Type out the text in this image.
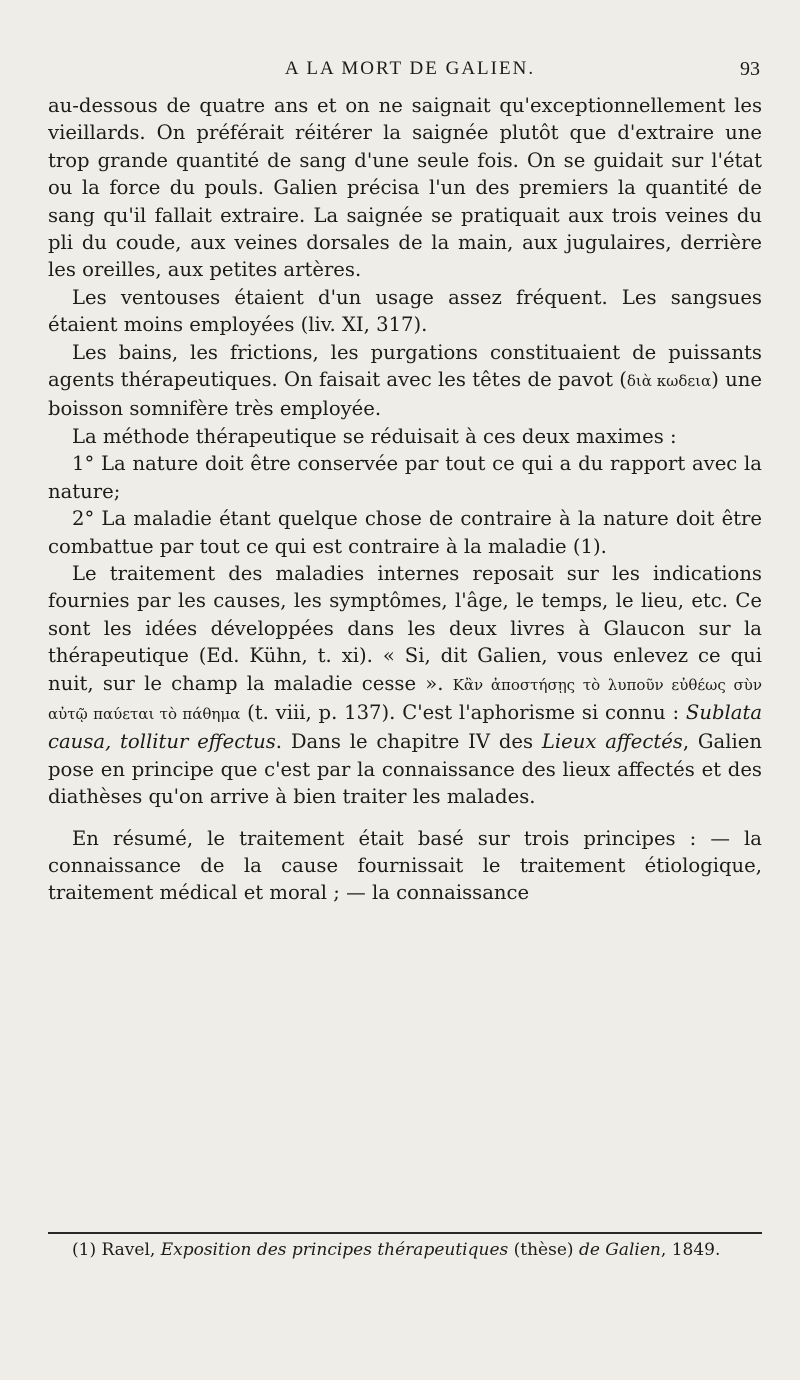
A LA MORT DE GALIEN.	93

au-dessous de quatre ans et on ne saignait qu'exceptionnellement les vieillards. On préférait réitérer la saignée plutôt que d'extraire une trop grande quantité de sang d'une seule fois. On se guidait sur l'état ou la force du pouls. Galien précisa l'un des premiers la quantité de sang qu'il fallait extraire. La saignée se pratiquait aux trois veines du pli du coude, aux veines dorsales de la main, aux jugulaires, derrière les oreilles, aux petites artères.

Les ventouses étaient d'un usage assez fréquent. Les sangsues étaient moins employées (liv. XI, 317).

Les bains, les frictions, les purgations constituaient de puissants agents thérapeutiques. On faisait avec les têtes de pavot (διὰ κωδεια) une boisson somnifère très employée.

La méthode thérapeutique se réduisait à ces deux maximes :

1° La nature doit être conservée par tout ce qui a du rapport avec la nature;

2° La maladie étant quelque chose de contraire à la nature doit être combattue par tout ce qui est contraire à la maladie (1).

Le traitement des maladies internes reposait sur les indications fournies par les causes, les symptômes, l'âge, le temps, le lieu, etc. Ce sont les idées développées dans les deux livres à Glaucon sur la thérapeutique (Ed. Kühn, t. xi). « Si, dit Galien, vous enlevez ce qui nuit, sur le champ la maladie cesse ». Κἂν ἀποστήσῃς τὸ λυποῦν εὐθέως σὺν αὐτῷ παύεται τὸ πάθημα (t. viii, p. 137). C'est l'aphorisme si connu : Sublata causa, tollitur effectus. Dans le chapitre IV des Lieux affectés, Galien pose en principe que c'est par la connaissance des lieux affectés et des diathèses qu'on arrive à bien traiter les malades.

En résumé, le traitement était basé sur trois principes : — la connaissance de la cause fournissait le traitement étiologique, traitement médical et moral ; — la connaissance

(1) Ravel, Exposition des principes thérapeutiques (thèse) de Galien, 1849.
